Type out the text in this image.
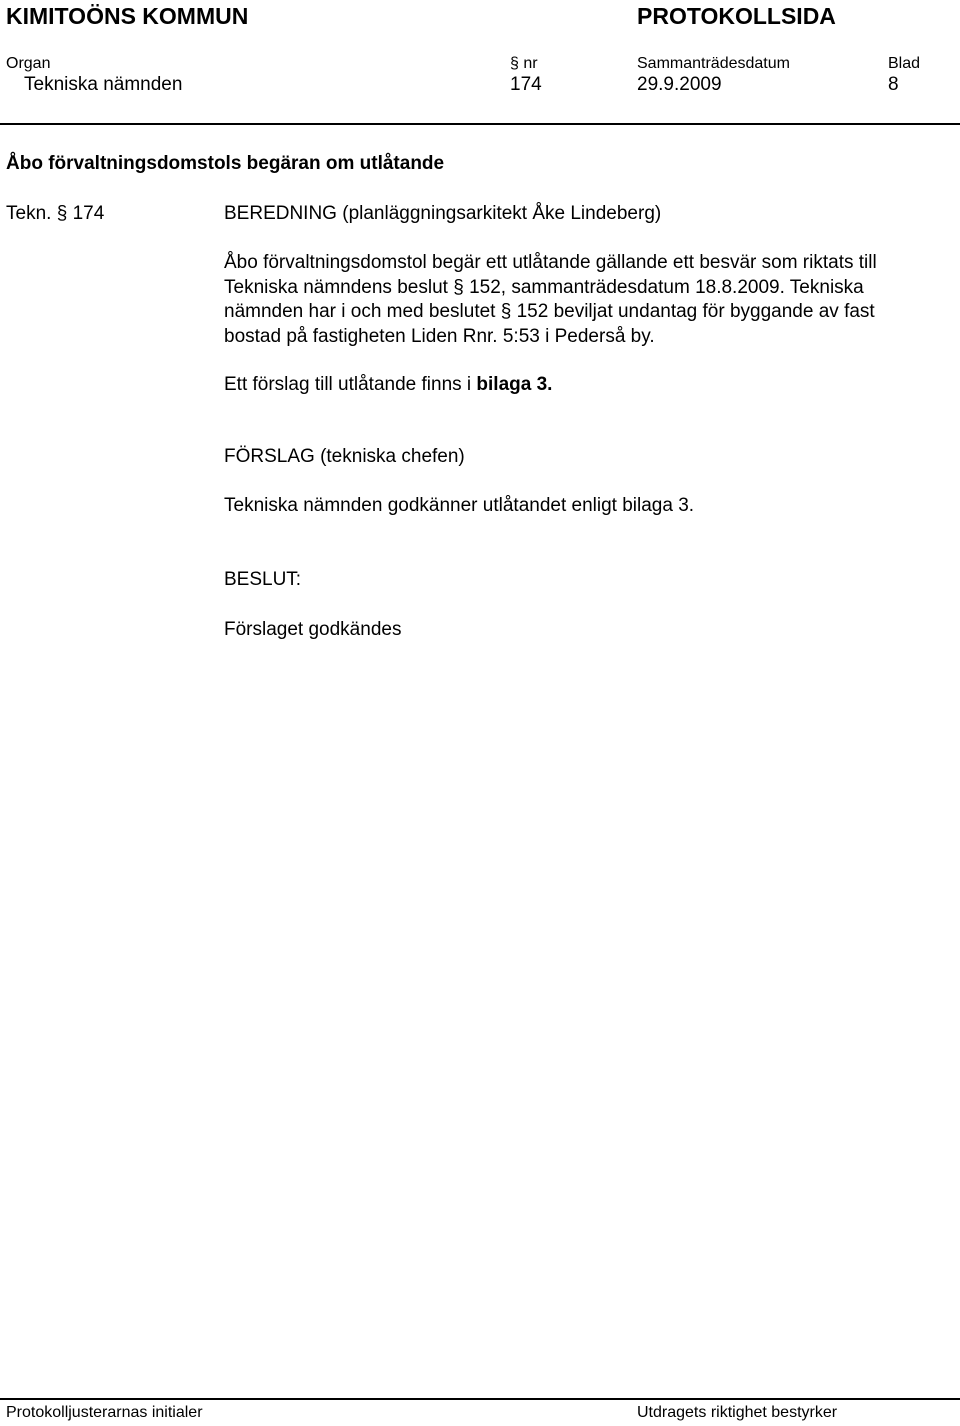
KIMITOÖNS KOMMUN	PROTOKOLLSIDA
Organ	§ nr	Sammanträdesdatum	Blad
Tekniska nämnden	174	29.9.2009	8
Åbo förvaltningsdomstols begäran om utlåtande
Tekn. § 174	BEREDNING (planläggningsarkitekt Åke Lindeberg)
Åbo förvaltningsdomstol begär ett utlåtande gällande ett besvär som riktats till
Tekniska nämndens beslut § 152, sammanträdesdatum 18.8.2009. Tekniska
nämnden har i och med beslutet § 152 beviljat undantag för byggande av fast
bostad på fastigheten Liden Rnr. 5:53 i Pederså by.
Ett förslag till utlåtande finns i bilaga 3.
FÖRSLAG (tekniska chefen)
Tekniska nämnden godkänner utlåtandet enligt bilaga 3.
BESLUT:
Förslaget godkändes
Protokolljusterarnas initialer	Utdragets riktighet bestyrker
